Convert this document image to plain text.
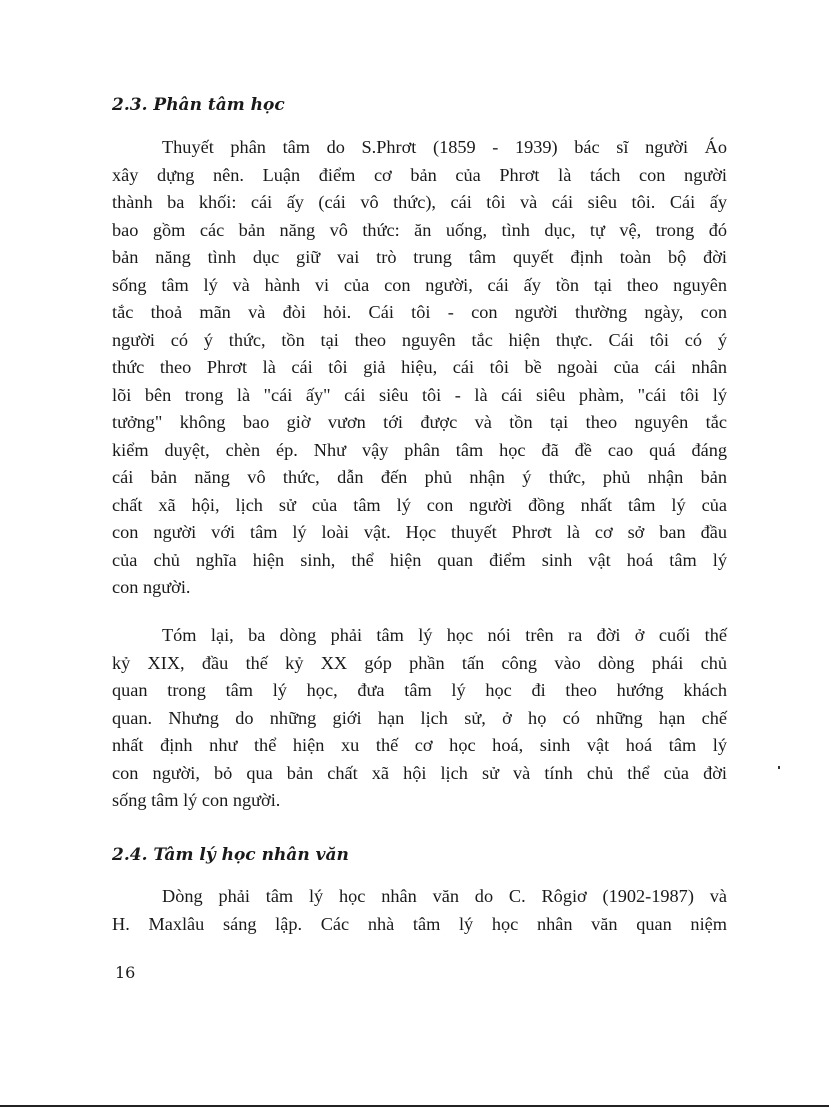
2.3. Phân tâm học
Thuyết phân tâm do S.Phrơt (1859 - 1939) bác sĩ người Áo
xây dựng nên. Luận điểm cơ bản của Phrơt là tách con người
thành ba khối: cái ấy (cái vô thức), cái tôi và cái siêu tôi. Cái ấy
bao gồm các bản năng vô thức: ăn uống, tình dục, tự vệ, trong đó
bản năng tình dục giữ vai trò trung tâm quyết định toàn bộ đời
sống tâm lý và hành vi của con người, cái ấy tồn tại theo nguyên
tắc thoả mãn và đòi hỏi. Cái tôi - con người thường ngày, con
người có ý thức, tồn tại theo nguyên tắc hiện thực. Cái tôi có ý
thức theo Phrơt là cái tôi giả hiệu, cái tôi bề ngoài của cái nhân
lõi bên trong là "cái ấy" cái siêu tôi - là cái siêu phàm, "cái tôi lý
tưởng" không bao giờ vươn tới được và tồn tại theo nguyên tắc
kiểm duyệt, chèn ép. Như vậy phân tâm học đã đề cao quá đáng
cái bản năng vô thức, dẫn đến phủ nhận ý thức, phủ nhận bản
chất xã hội, lịch sử của tâm lý con người đồng nhất tâm lý của
con người với tâm lý loài vật. Học thuyết Phrơt là cơ sở ban đầu
của chủ nghĩa hiện sinh, thể hiện quan điểm sinh vật hoá tâm lý
con người.
Tóm lại, ba dòng phải tâm lý học nói trên ra đời ở cuối thế
kỷ XIX, đầu thế kỷ XX góp phần tấn công vào dòng phái chủ
quan trong tâm lý học, đưa tâm lý học đi theo hướng khách
quan. Nhưng do những giới hạn lịch sử, ở họ có những hạn chế
nhất định như thể hiện xu thế cơ học hoá, sinh vật hoá tâm lý
con người, bỏ qua bản chất xã hội lịch sử và tính chủ thể của đời
sống tâm lý con người.
2.4. Tâm lý học nhân văn
Dòng phải tâm lý học nhân văn do C. Rôgiơ (1902-1987) và
H. Maxlâu sáng lập. Các nhà tâm lý học nhân văn quan niệm
16
